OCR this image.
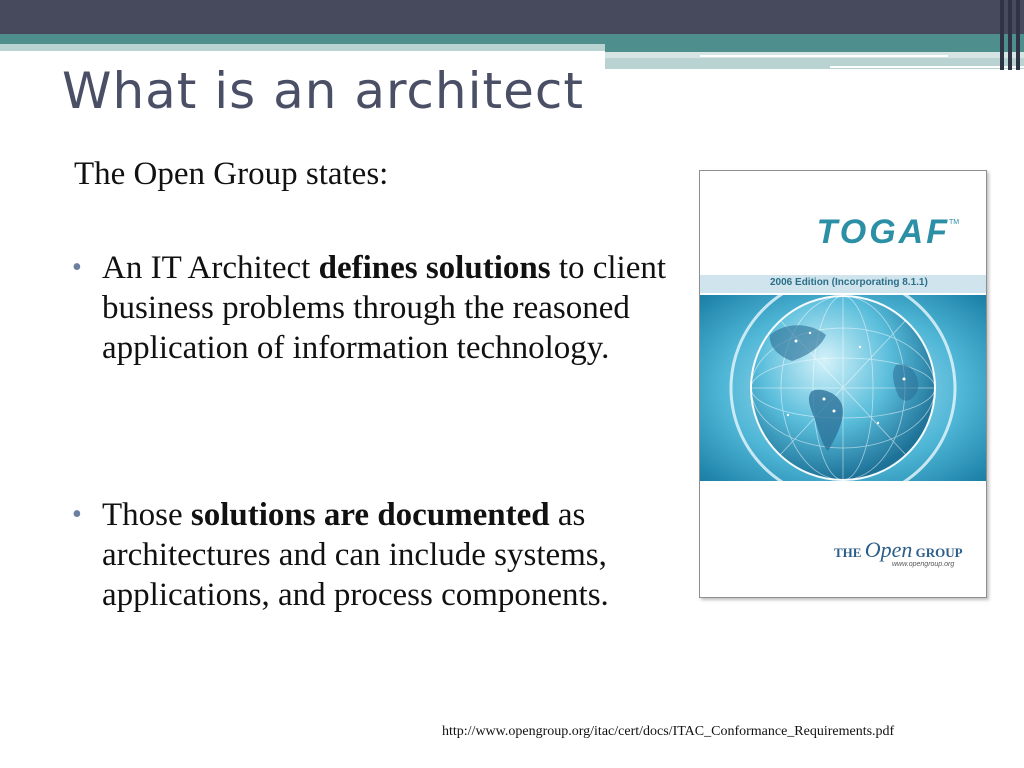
What is an architect

The Open Group states:

• An IT Architect defines solutions to client business problems through the reasoned application of information technology.

• Those solutions are documented as architectures and can include systems, applications, and process components.

TOGAF TM
2006 Edition (Incorporating 8.1.1)
THE Open GROUP
www.opengroup.org

http://www.opengroup.org/itac/cert/docs/ITAC_Conformance_Requirements.pdf
